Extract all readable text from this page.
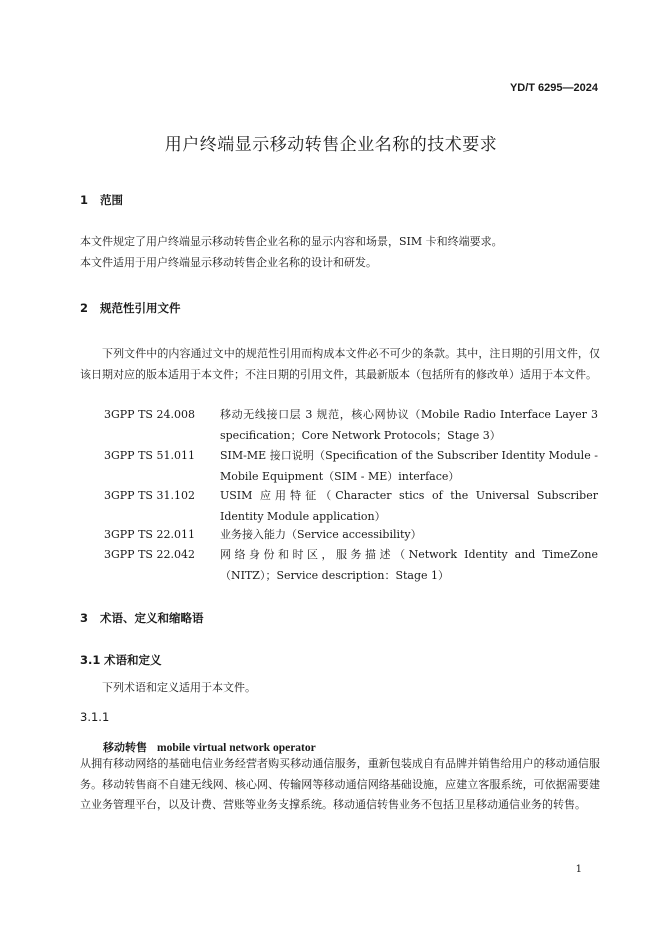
YD/T 6295—2024
用户终端显示移动转售企业名称的技术要求
1 范围
本文件规定了用户终端显示移动转售企业名称的显示内容和场景，SIM 卡和终端要求。
本文件适用于用户终端显示移动转售企业名称的设计和研发。
2 规范性引用文件
下列文件中的内容通过文中的规范性引用而构成本文件必不可少的条款。其中，注日期的引用文件，仅该日期对应的版本适用于本文件；不注日期的引用文件，其最新版本（包括所有的修改单）适用于本文件。
3GPP TS 24.008	移动无线接口层 3 规范，核心网协议（Mobile Radio Interface Layer 3 specification；Core Network Protocols；Stage 3）
3GPP TS 51.011	SIM-ME 接口说明（Specification of the Subscriber Identity Module -Mobile Equipment（SIM - ME）interface）
3GPP TS 31.102	USIM 应用特征（Character stics of the Universal Subscriber Identity Module application）
3GPP TS 22.011	业务接入能力（Service accessibility）
3GPP TS 22.042	网络身份和时区，服务描述（Network Identity and TimeZone（NITZ）；Service description：Stage 1）
3 术语、定义和缩略语
3.1 术语和定义
下列术语和定义适用于本文件。
3.1.1
移动转售 mobile virtual network operator
从拥有移动网络的基础电信业务经营者购买移动通信服务，重新包装成自有品牌并销售给用户的移动通信服务。移动转售商不自建无线网、核心网、传输网等移动通信网络基础设施，应建立客服系统，可依据需要建立业务管理平台，以及计费、营账等业务支撑系统。移动通信转售业务不包括卫星移动通信业务的转售。
1
